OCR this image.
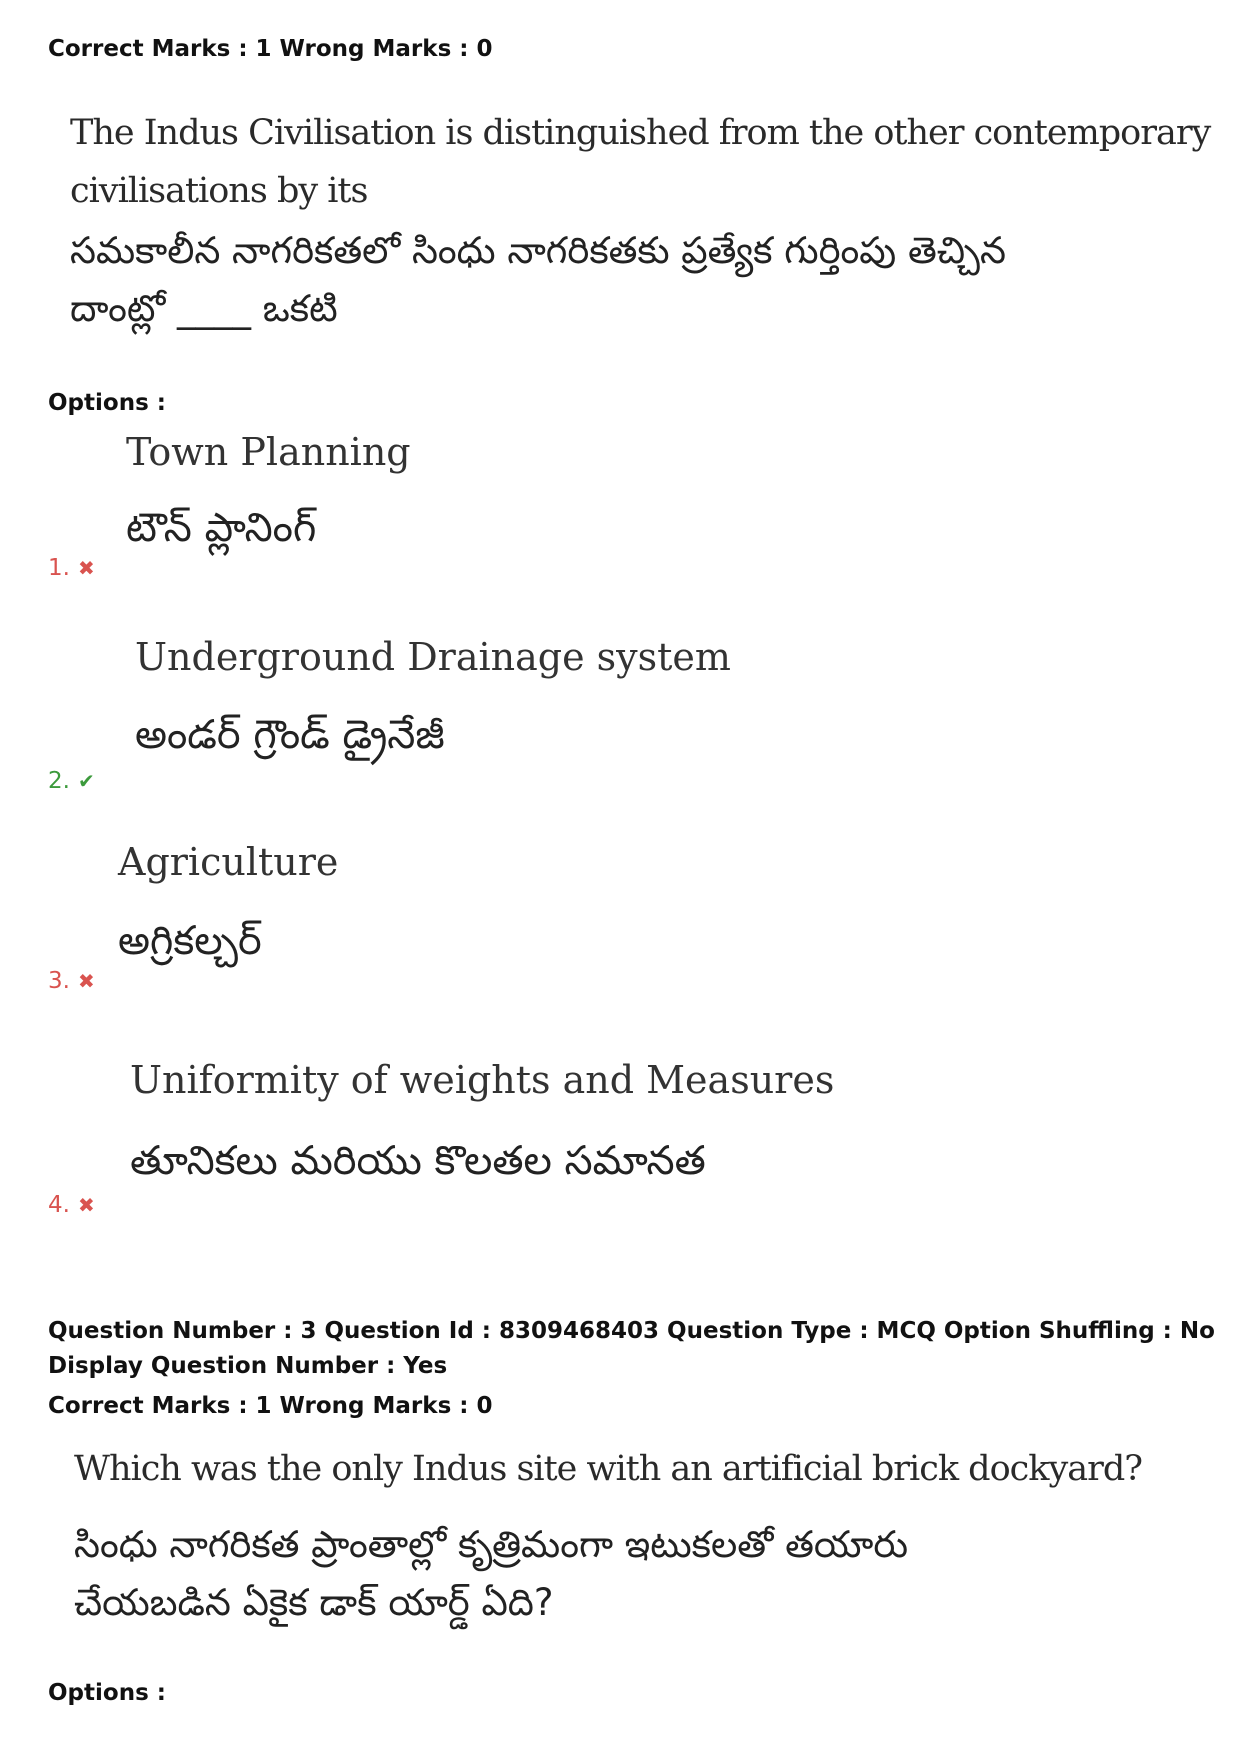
Correct Marks : 1 Wrong Marks : 0
The Indus Civilisation is distinguished from the other contemporary
civilisations by its
సమకాలీన నాగరికతలో సింధు నాగరికతకు ప్రత్యేక గుర్తింపు తెచ్చిన
దాంట్లో ____ ఒకటి
Options :
Town Planning
టౌన్ ప్లానింగ్
1. ✖
Underground Drainage system
అండర్ గ్రౌండ్ డ్రైనేజీ
2. ✔
Agriculture
అగ్రికల్చర్
3. ✖
Uniformity of weights and Measures
తూనికలు మరియు కొలతల సమానత
4. ✖
Question Number : 3 Question Id : 8309468403 Question Type : MCQ Option Shuffling : No
Display Question Number : Yes
Correct Marks : 1 Wrong Marks : 0
Which was the only Indus site with an artificial brick dockyard?
సింధు నాగరికత ప్రాంతాల్లో కృత్రిమంగా ఇటుకలతో తయారు
చేయబడిన ఏకైక డాక్ యార్డ్ ఏది?
Options :
